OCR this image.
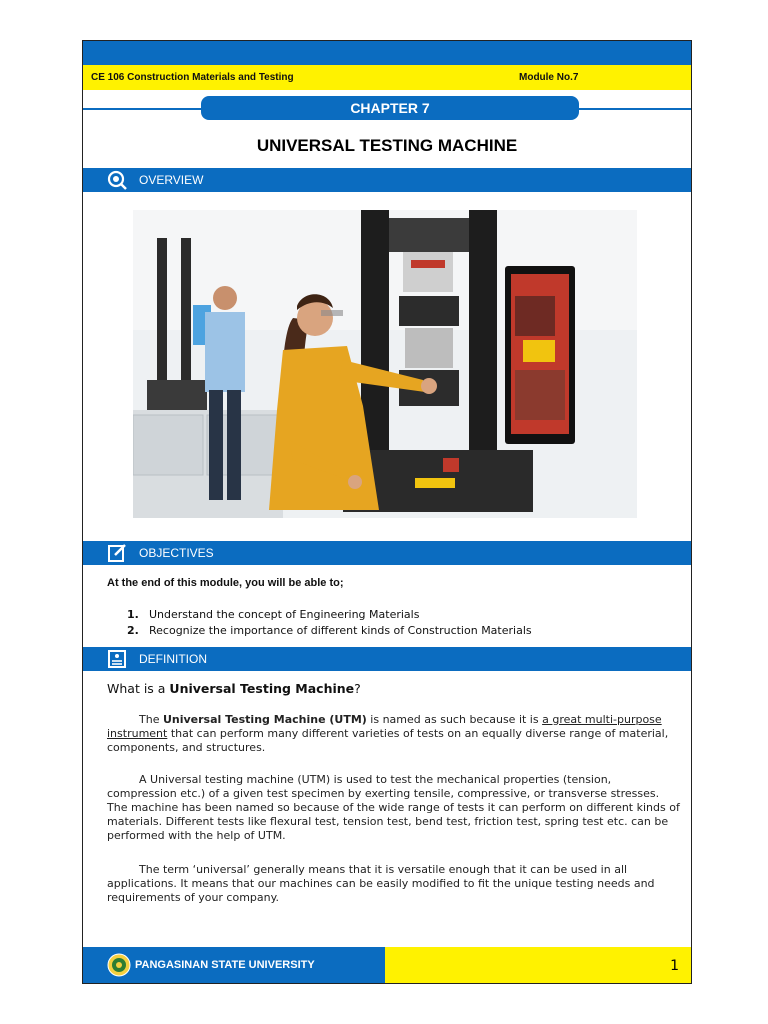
CE 106 Construction Materials and Testing	Module No.7
CHAPTER 7
UNIVERSAL TESTING MACHINE
OVERVIEW
OBJECTIVES
At the end of this module, you will be able to;
1. Understand the concept of Engineering Materials
2. Recognize the importance of different kinds of Construction Materials
DEFINITION
What is a Universal Testing Machine?
The Universal Testing Machine (UTM) is named as such because it is a great multi-purpose instrument that can perform many different varieties of tests on an equally diverse range of material, components, and structures.
A Universal testing machine (UTM) is used to test the mechanical properties (tension, compression etc.) of a given test specimen by exerting tensile, compressive, or transverse stresses. The machine has been named so because of the wide range of tests it can perform on different kinds of materials. Different tests like flexural test, tension test, bend test, friction test, spring test etc. can be performed with the help of UTM.
The term ‘universal’ generally means that it is versatile enough that it can be used in all applications. It means that our machines can be easily modified to fit the unique testing needs and requirements of your company.
PANGASINAN STATE UNIVERSITY	1
